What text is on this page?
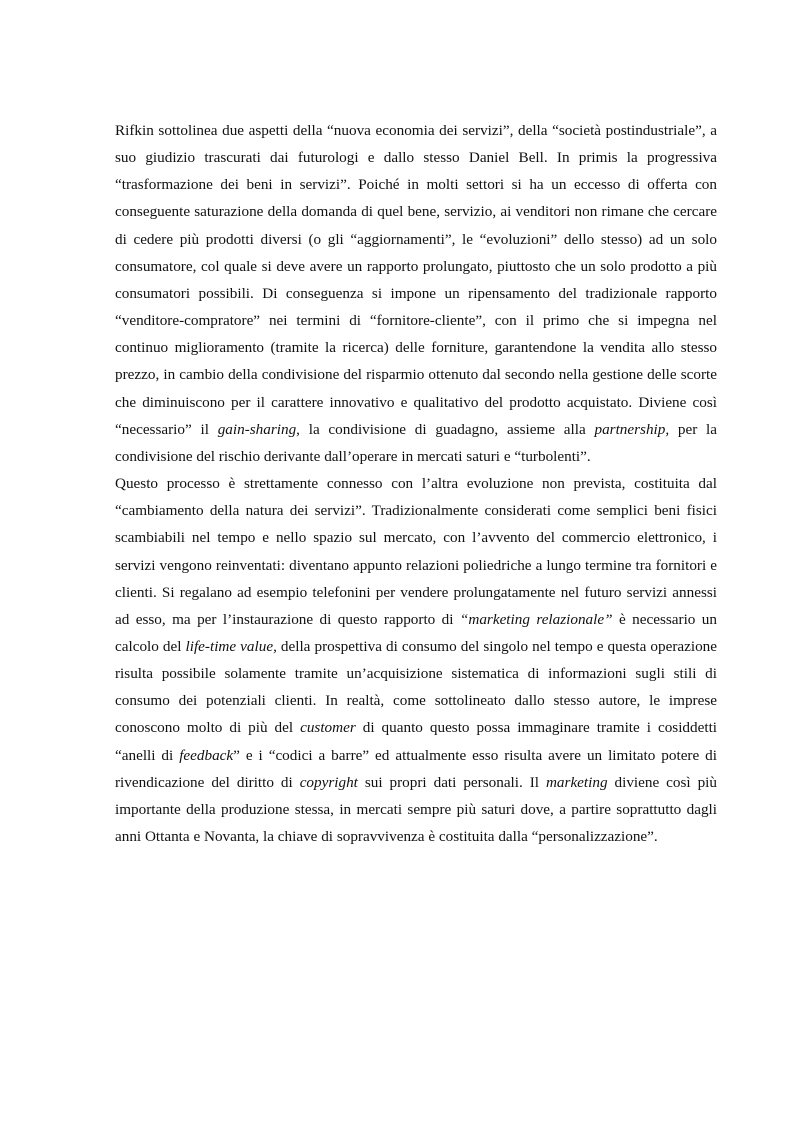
Rifkin sottolinea due aspetti della “nuova economia dei servizi”, della “società postindustriale”, a suo giudizio trascurati dai futurologi e dallo stesso Daniel Bell. In primis la progressiva “trasformazione dei beni in servizi”. Poiché in molti settori si ha un eccesso di offerta con conseguente saturazione della domanda di quel bene, servizio, ai venditori non rimane che cercare di cedere più prodotti diversi (o gli “aggiornamenti”, le “evoluzioni” dello stesso) ad un solo consumatore, col quale si deve avere un rapporto prolungato, piuttosto che un solo prodotto a più consumatori possibili. Di conseguenza si impone un ripensamento del tradizionale rapporto “venditore-compratore” nei termini di “fornitore-cliente”, con il primo che si impegna nel continuo miglioramento (tramite la ricerca) delle forniture, garantendone la vendita allo stesso prezzo, in cambio della condivisione del risparmio ottenuto dal secondo nella gestione delle scorte che diminuiscono per il carattere innovativo e qualitativo del prodotto acquistato. Diviene così “necessario” il gain-sharing, la condivisione di guadagno, assieme alla partnership, per la condivisione del rischio derivante dall’operare in mercati saturi e “turbolenti”.

Questo processo è strettamente connesso con l’altra evoluzione non prevista, costituita dal “cambiamento della natura dei servizi”. Tradizionalmente considerati come semplici beni fisici scambiabili nel tempo e nello spazio sul mercato, con l’avvento del commercio elettronico, i servizi vengono reinventati: diventano appunto relazioni poliedriche a lungo termine tra fornitori e clienti. Si regalano ad esempio telefonini per vendere prolungatamente nel futuro servizi annessi ad esso, ma per l’instaurazione di questo rapporto di “marketing relazionale” è necessario un calcolo del life-time value, della prospettiva di consumo del singolo nel tempo e questa operazione risulta possibile solamente tramite un’acquisizione sistematica di informazioni sugli stili di consumo dei potenziali clienti. In realtà, come sottolineato dallo stesso autore, le imprese conoscono molto di più del customer di quanto questo possa immaginare tramite i cosiddetti “anelli di feedback” e i “codici a barre” ed attualmente esso risulta avere un limitato potere di rivendicazione del diritto di copyright sui propri dati personali. Il marketing diviene così più importante della produzione stessa, in mercati sempre più saturi dove, a partire soprattutto dagli anni Ottanta e Novanta, la chiave di sopravvivenza è costituita dalla “personalizzazione”.
